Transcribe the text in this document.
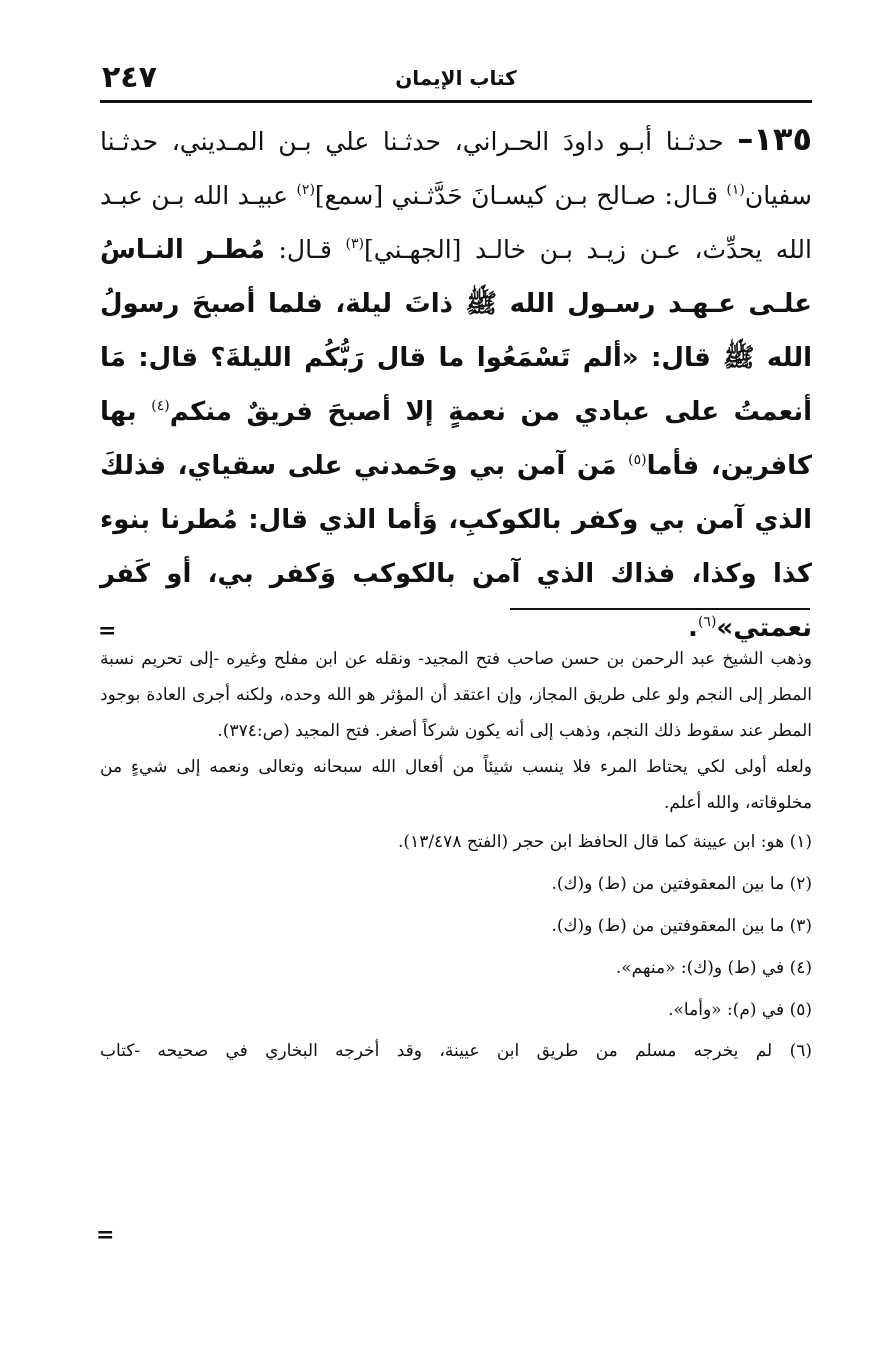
٢٤٧	كتاب الإيمان
١٣٥– حدثـنا أبـو داودَ الحـراني، حدثـنا علي بـن المـديني، حدثـنا سفيان$^{(١)}$ قـال: صـالح بـن كيسـانَ حَدَّثـني [سمع]$^{(٢)}$ عبيـد الله بـن عبـد الله يحدِّث، عـن زيـد بـن خالـد [الجهـني]$^{(٣)}$ قـال: مُطـر النـاسُ علـى عـهـد رسـول الله ﷺ ذاتَ ليلة، فلما أصبحَ رسولُ الله ﷺ قال: «ألم تَسْمَعُوا ما قال رَبُّكُم الليلةَ؟ قال: مَا أنعمتُ على عبادي من نعمةٍ إلا أصبحَ فريقٌ منكم$^{(٤)}$ بها كافرين، فأما$^{(٥)}$ مَن آمن بي وحَمدني على سقياي، فذلكَ الذي آمن بي وكفر بالكوكبِ، وَأما الذي قال: مُطرنا بنوء كذا وكذا، فذاك الذي آمن بالكوكب وَكفر بي، أو كَفر نعمتي»$^{(٦)}$.
=

وذهب الشيخ عبد الرحمن بن حسن صاحب فتح المجيد- ونقله عن ابن مفلح وغيره -إلى تحريم نسبة المطر إلى النجم ولو على طريق المجاز، وإن اعتقد أن المؤثر هو الله وحده، ولكنه أجرى العادة بوجود المطر عند سقوط ذلك النجم، وذهب إلى أنه يكون شركاً أصغر. فتح المجيد (ص:٣٧٤).

ولعله أولى لكي يحتاط المرء فلا ينسب شيئاً من أفعال الله سبحانه وتعالى ونعمه إلى شيءٍ من مخلوقاته، والله أعلم.

(١) هو: ابن عيينة كما قال الحافظ ابن حجر (الفتح ١٣/٤٧٨).

(٢) ما بين المعقوفتين من (ط) و(ك).

(٣) ما بين المعقوفتين من (ط) و(ك).

(٤) في (ط) و(ك): «منهم».

(٥) في (م): «وأما».

(٦) لم يخرجه مسلم من طريق ابن عيينة، وقد أخرجه البخاري في صحيحه -كتاب

=
